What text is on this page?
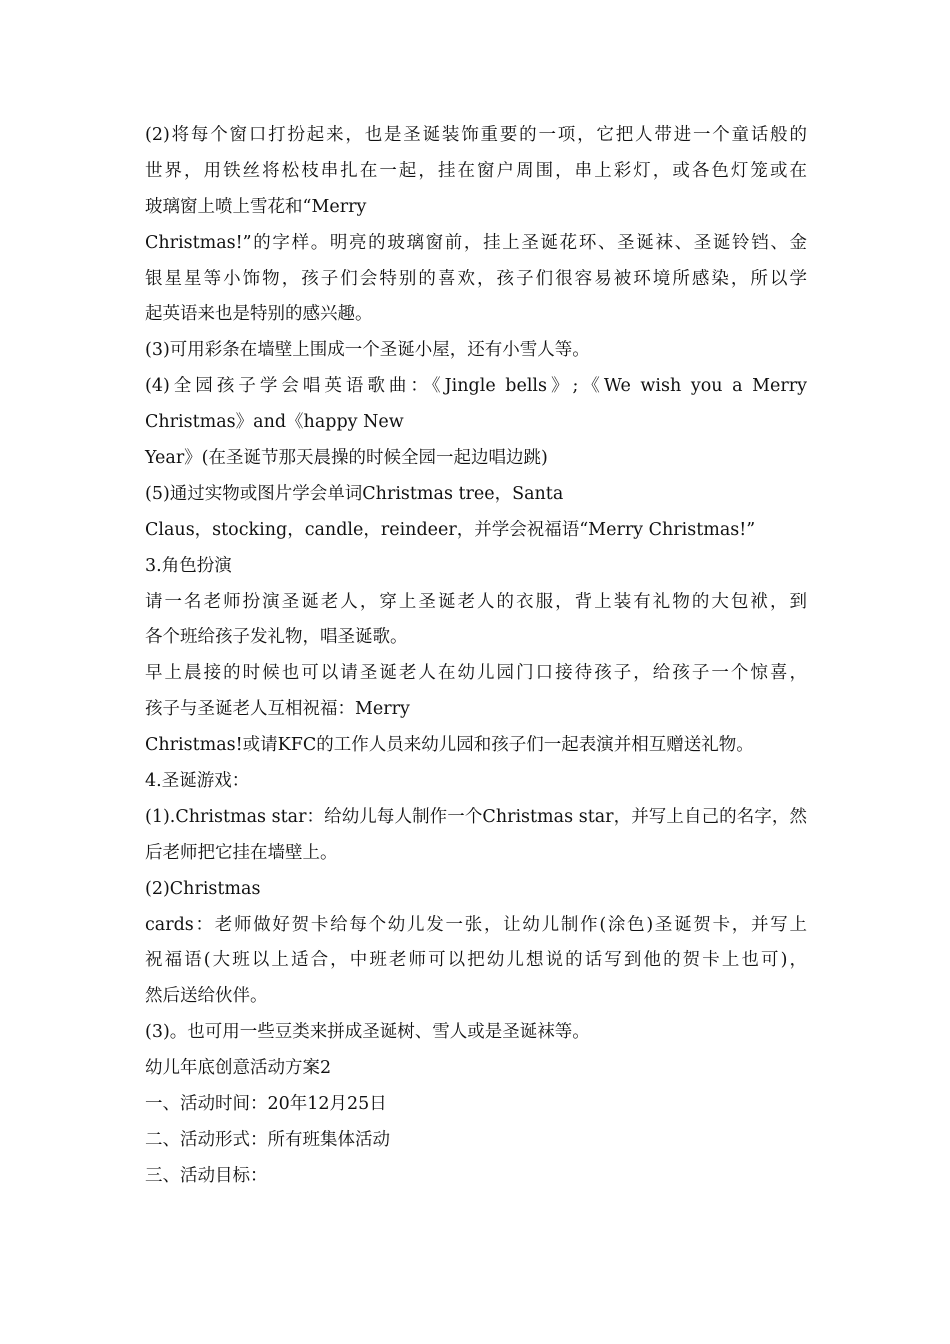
(2)将每个窗口打扮起来，也是圣诞装饰重要的一项，它把人带进一个童话般的
世界，用铁丝将松枝串扎在一起，挂在窗户周围，串上彩灯，或各色灯笼或在
玻璃窗上喷上雪花和“Merry
Christmas!”的字样。明亮的玻璃窗前，挂上圣诞花环、圣诞袜、圣诞铃铛、金
银星星等小饰物，孩子们会特别的喜欢，孩子们很容易被环境所感染，所以学
起英语来也是特别的感兴趣。
(3)可用彩条在墙壁上围成一个圣诞小屋，还有小雪人等。
(4)全园孩子学会唱英语歌曲：《Jingle bells》;《We wish you a Merry
Christmas》and《happy New
Year》(在圣诞节那天晨操的时候全园一起边唱边跳)
(5)通过实物或图片学会单词Christmas tree，Santa
Claus，stocking，candle，reindeer，并学会祝福语“Merry Christmas!”
3.角色扮演
请一名老师扮演圣诞老人，穿上圣诞老人的衣服，背上装有礼物的大包袱，到
各个班给孩子发礼物，唱圣诞歌。
早上晨接的时候也可以请圣诞老人在幼儿园门口接待孩子，给孩子一个惊喜，
孩子与圣诞老人互相祝福：Merry
Christmas!或请KFC的工作人员来幼儿园和孩子们一起表演并相互赠送礼物。
4.圣诞游戏：
(1).Christmas star：给幼儿每人制作一个Christmas star，并写上自己的名字，然
后老师把它挂在墙壁上。
(2)Christmas
cards：老师做好贺卡给每个幼儿发一张，让幼儿制作(涂色)圣诞贺卡，并写上
祝福语(大班以上适合，中班老师可以把幼儿想说的话写到他的贺卡上也可)，
然后送给伙伴。
(3)。也可用一些豆类来拼成圣诞树、雪人或是圣诞袜等。
幼儿年底创意活动方案2
一、活动时间：20年12月25日
二、活动形式：所有班集体活动
三、活动目标：
